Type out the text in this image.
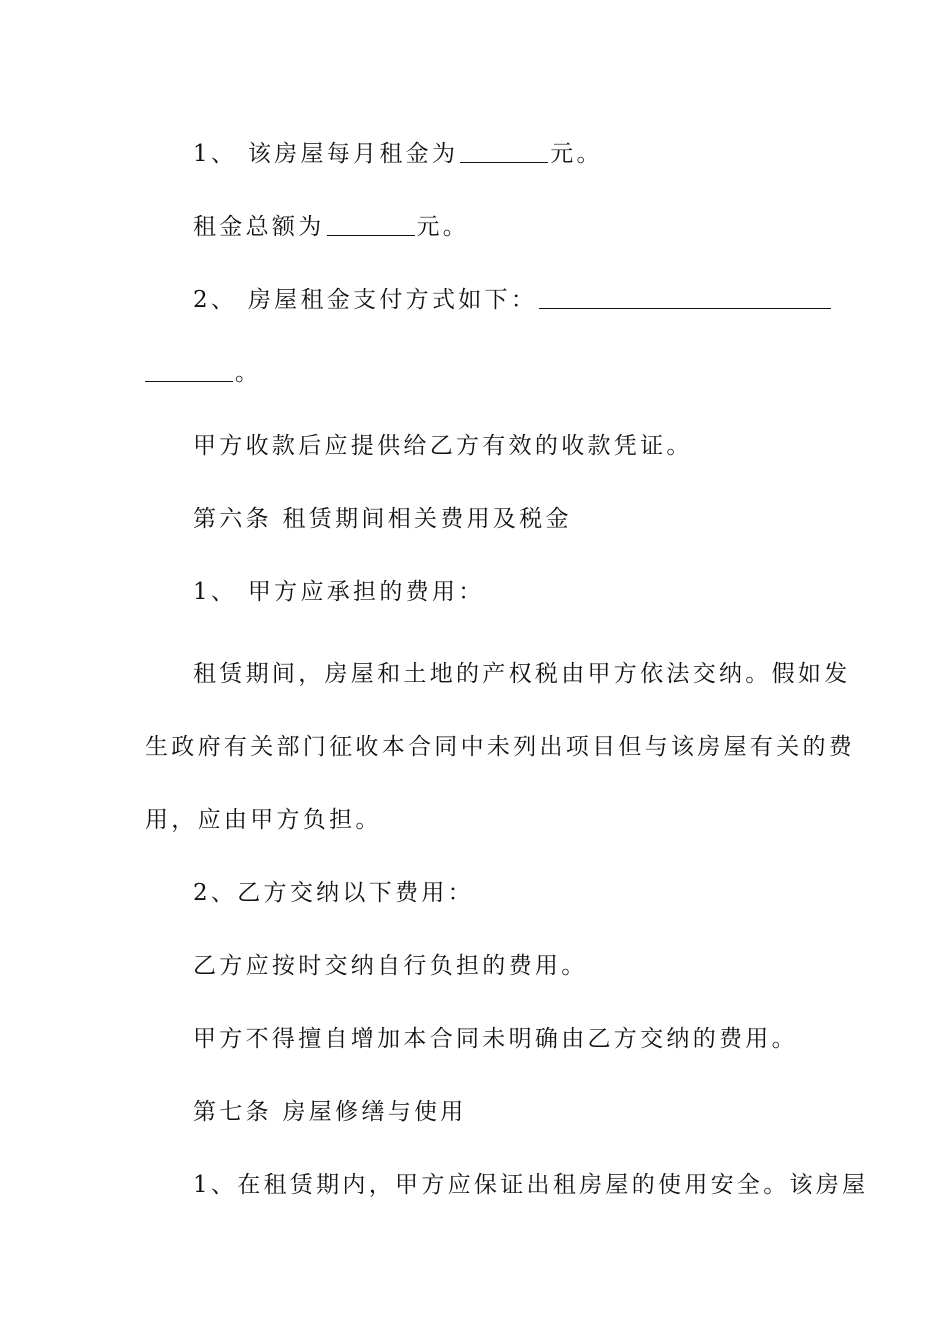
1、 该房屋每月租金为	元。
租金总额为	元。
2、 房屋租金支付方式如下：
。
甲方收款后应提供给乙方有效的收款凭证。
第六条 租赁期间相关费用及税金
1、 甲方应承担的费用：
租赁期间，房屋和土地的产权税由甲方依法交纳。假如发
生政府有关部门征收本合同中未列出项目但与该房屋有关的费
用，应由甲方负担。
2、乙方交纳以下费用：
乙方应按时交纳自行负担的费用。
甲方不得擅自增加本合同未明确由乙方交纳的费用。
第七条 房屋修缮与使用
1、在租赁期内，甲方应保证出租房屋的使用安全。该房屋
